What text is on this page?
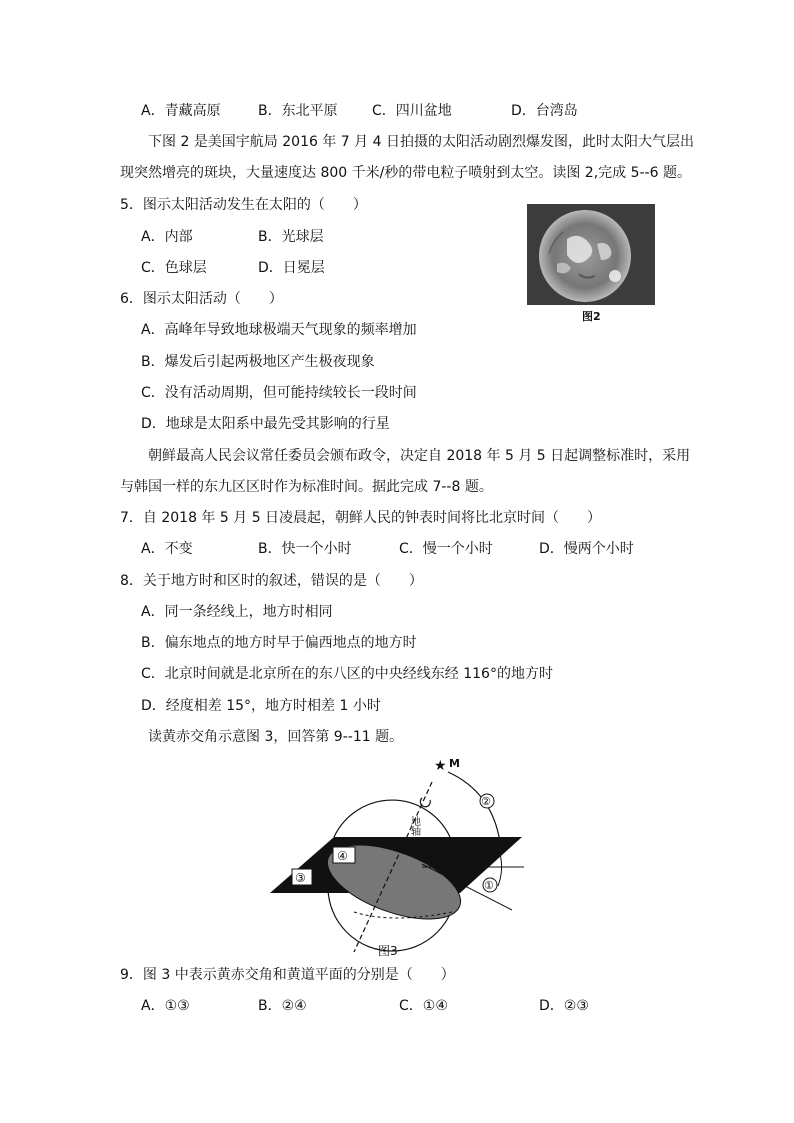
A．青藏高原	B．东北平原 C．四川盆地	D．台湾岛
下图 2 是美国宇航局 2016 年 7 月 4 日拍摄的太阳活动剧烈爆发图，此时太阳大气层出
现突然增亮的斑块，大量速度达 800 千米/秒的带电粒子喷射到太空。读图 2,完成 5--6 题。
5．图示太阳活动发生在太阳的（　　）
A．内部	B．光球层
C．色球层	D．日冕层
图2
6．图示太阳活动（　　）
A．高峰年导致地球极端天气现象的频率增加
B．爆发后引起两极地区产生极夜现象
C．没有活动周期，但可能持续较长一段时间
D．地球是太阳系中最先受其影响的行星
朝鲜最高人民会议常任委员会颁布政令，决定自 2018 年 5 月 5 日起调整标准时，采用
与韩国一样的东九区区时作为标准时间。据此完成 7--8 题。
7．自 2018 年 5 月 5 日凌晨起，朝鲜人民的钟表时间将比北京时间（　　）
A．不变	B．快一个小时	C．慢一个小时	D．慢两个小时
8．关于地方时和区时的叙述，错误的是（　　）
A．同一条经线上，地方时相同
B．偏东地点的地方时早于偏西地点的地方时
C．北京时间就是北京所在的东八区的中央经线东经 116°的地方时
D．经度相差 15°，地方时相差 1 小时
读黄赤交角示意图 3，回答第 9--11 题。
★ M
②
③
④
地轴
①
图3
9．图 3 中表示黄赤交角和黄道平面的分别是（　　）
A．①③	B．②④	C．①④	D．②③
